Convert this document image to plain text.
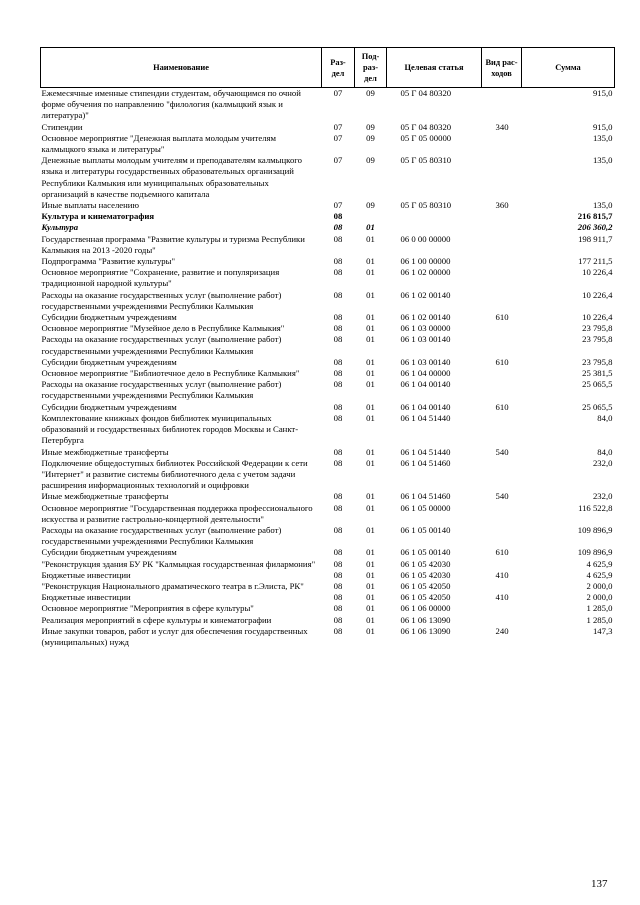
Наименование	Раз-дел	Под-раз-дел	Целевая статья	Вид рас-ходов	Сумма
Ежемесячные именные стипендии студентам, обучающимся по очной форме обучения по направлению "филология (калмыцкий язык и литература)"	07	09	05 Г 04 80320		915,0
Стипендии	07	09	05 Г 04 80320	340	915,0
Основное мероприятие "Денежная выплата молодым учителям калмыцкого языка и литературы"	07	09	05 Г 05 00000		135,0
Денежные выплаты молодым учителям и преподавателям калмыцкого языка и литературы государственных образовательных организаций Республики Калмыкия или муниципальных образовательных организаций в качестве подъемного капитала	07	09	05 Г 05 80310		135,0
Иные выплаты населению	07	09	05 Г 05 80310	360	135,0
Культура и кинематография	08				216 815,7
Культура	08	01			206 360,2
Государственная программа "Развитие культуры и туризма Республики Калмыкия на 2013 -2020 годы"	08	01	06 0 00 00000		198 911,7
Подпрограмма "Развитие культуры"	08	01	06 1 00 00000		177 211,5
Основное мероприятие "Сохранение, развитие и популяризация традиционной народной культуры"	08	01	06 1 02 00000		10 226,4
Расходы на оказание государственных услуг (выполнение работ) государственными учреждениями Республики Калмыкия	08	01	06 1 02 00140		10 226,4
Субсидии бюджетным учреждениям	08	01	06 1 02 00140	610	10 226,4
Основное мероприятие "Музейное дело в Республике Калмыкия"	08	01	06 1 03 00000		23 795,8
Расходы на оказание государственных услуг (выполнение работ) государственными учреждениями Республики Калмыкия	08	01	06 1 03 00140		23 795,8
Субсидии бюджетным учреждениям	08	01	06 1 03 00140	610	23 795,8
Основное мероприятие "Библиотечное дело в Республике Калмыкия"	08	01	06 1 04 00000		25 381,5
Расходы на оказание государственных услуг (выполнение работ) государственными учреждениями Республики Калмыкия	08	01	06 1 04 00140		25 065,5
Субсидии бюджетным учреждениям	08	01	06 1 04 00140	610	25 065,5
Комплектование книжных фондов библиотек муниципальных образований и государственных библиотек городов Москвы и Санкт-Петербурга	08	01	06 1 04 51440		84,0
Иные межбюджетные трансферты	08	01	06 1 04 51440	540	84,0
Подключение общедоступных библиотек Российской Федерации к сети "Интернет" и развитие системы библиотечного дела с учетом задачи расширения информационных технологий и оцифровки	08	01	06 1 04 51460		232,0
Иные межбюджетные трансферты	08	01	06 1 04 51460	540	232,0
Основное мероприятие "Государственная поддержка профессионального искусства и развитие гастрольно-концертной деятельности"	08	01	06 1 05 00000		116 522,8
Расходы на оказание государственных услуг (выполнение работ) государственными учреждениями Республики Калмыкия	08	01	06 1 05 00140		109 896,9
Субсидии бюджетным учреждениям	08	01	06 1 05 00140	610	109 896,9
"Реконструкция здания БУ РК "Калмыцкая государственная филармония"	08	01	06 1 05 42030		4 625,9
Бюджетные инвестиции	08	01	06 1 05 42030	410	4 625,9
"Реконструкция Национального драматического театра в г.Элиста, РК"	08	01	06 1 05 42050		2 000,0
Бюджетные инвестиции	08	01	06 1 05 42050	410	2 000,0
Основное мероприятие "Мероприятия в сфере культуры"	08	01	06 1 06 00000		1 285,0
Реализация мероприятий в сфере культуры и кинематографии	08	01	06 1 06 13090		1 285,0
Иные закупки товаров, работ и услуг для обеспечения государственных (муниципальных) нужд	08	01	06 1 06 13090	240	147,3
137
